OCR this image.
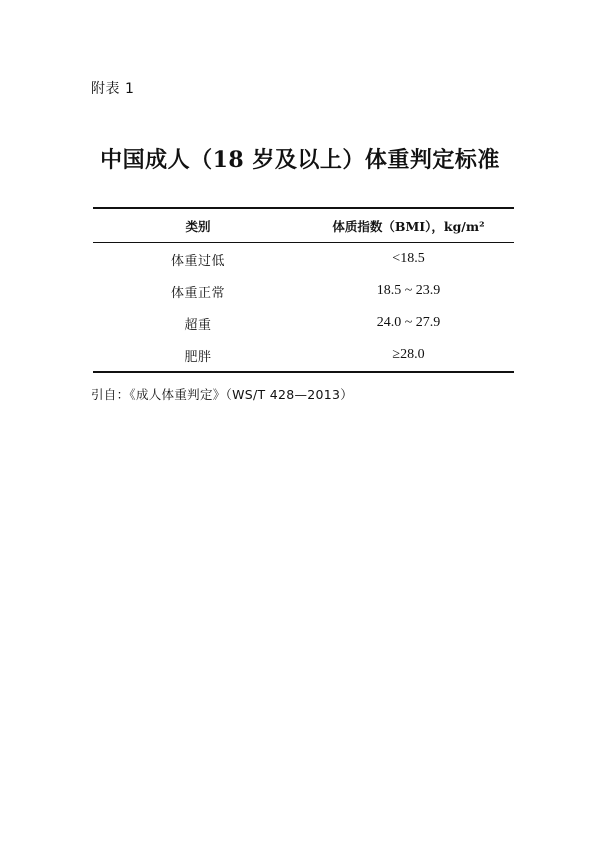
附表 1
中国成人（18 岁及以上）体重判定标准
类别	体质指数（BMI），kg/m²
体重过低	<18.5
体重正常	18.5 ~ 23.9
超重	24.0 ~ 27.9
肥胖	≥28.0
引自：《成人体重判定》（WS/T 428—2013）
